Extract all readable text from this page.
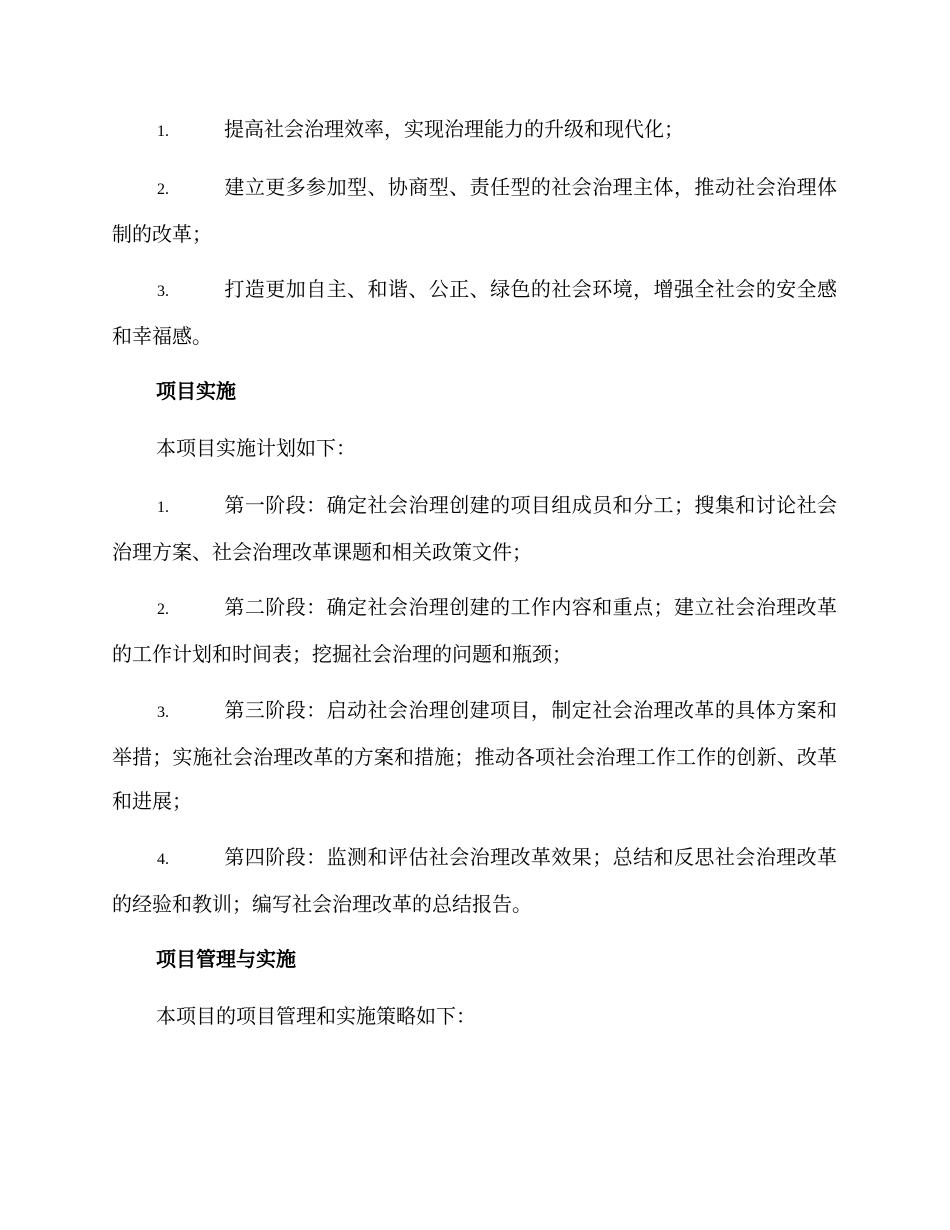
1.	提高社会治理效率，实现治理能力的升级和现代化；

2.	建立更多参加型、协商型、责任型的社会治理主体，推动社会治理体制的改革；

3.	打造更加自主、和谐、公正、绿色的社会环境，增强全社会的安全感和幸福感。

项目实施

本项目实施计划如下：

1.	第一阶段：确定社会治理创建的项目组成员和分工；搜集和讨论社会治理方案、社会治理改革课题和相关政策文件；

2.	第二阶段：确定社会治理创建的工作内容和重点；建立社会治理改革的工作计划和时间表；挖掘社会治理的问题和瓶颈；

3.	第三阶段：启动社会治理创建项目，制定社会治理改革的具体方案和举措；实施社会治理改革的方案和措施；推动各项社会治理工作工作的创新、改革和进展；

4.	第四阶段：监测和评估社会治理改革效果；总结和反思社会治理改革的经验和教训；编写社会治理改革的总结报告。

项目管理与实施

本项目的项目管理和实施策略如下：
